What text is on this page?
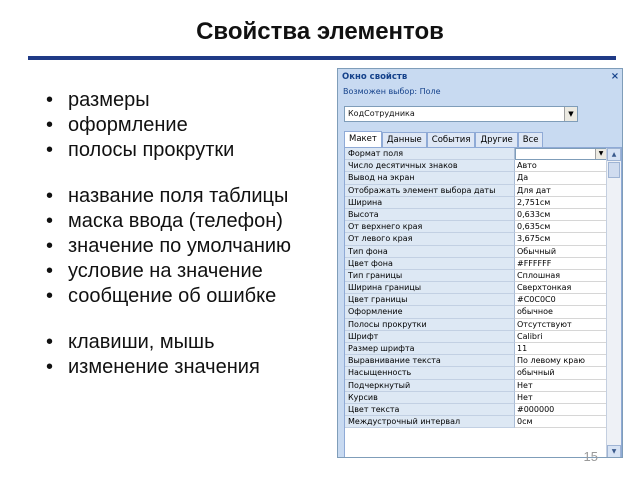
Свойства элементов
• размеры
• оформление
• полосы прокрутки
• название поля таблицы
• маска ввода (телефон)
• значение по умолчанию
• условие на значение
• сообщение об ошибке
• клавиши, мышь
• изменение значения
Окно свойств	×
Возможен выбор: Поле
КодСотрудника	▼
Макет	Данные	События	Другие	Все
Формат поля	▼
Число десятичных знаков	Авто
Вывод на экран	Да
Отображать элемент выбора даты	Для дат
Ширина	2,751см
Высота	0,633см
От верхнего края	0,635см
От левого края	3,675см
Тип фона	Обычный
Цвет фона	#FFFFFF
Тип границы	Сплошная
Ширина границы	Сверхтонкая
Цвет границы	#C0C0C0
Оформление	обычное
Полосы прокрутки	Отсутствуют
Шрифт	Calibri
Размер шрифта	11
Выравнивание текста	По левому краю
Насыщенность	обычный
Подчеркнутый	Нет
Курсив	Нет
Цвет текста	#000000
Междустрочный интервал	0см
▲
▼
15
